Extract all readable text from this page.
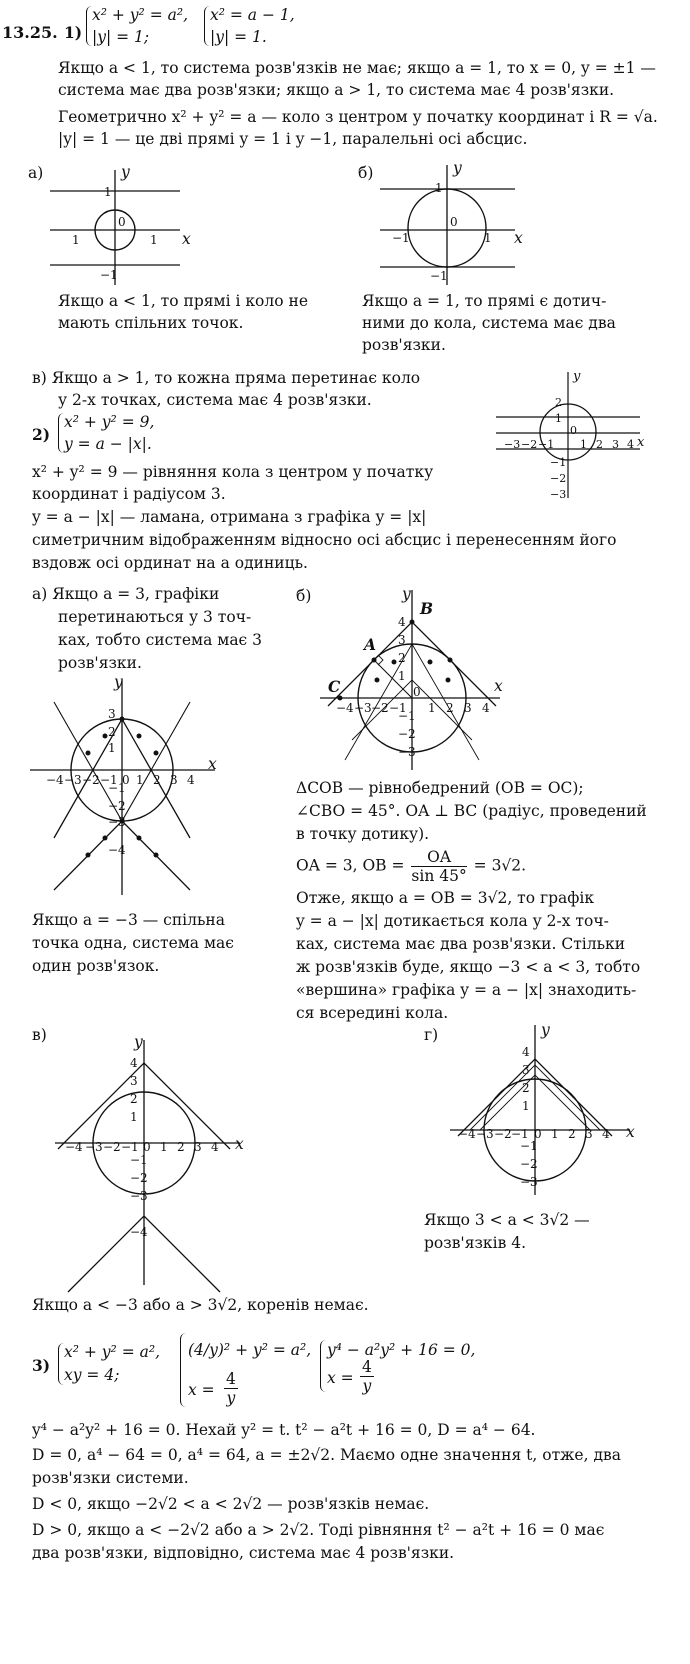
13.25. 1)
x² + y² = a²,
|y| = 1;
x² = a − 1,
|y| = 1.
Якщо a < 1, то система розв'язків не має; якщо a = 1, то x = 0, y = ±1 —
система має два розв'язки; якщо a > 1, то система має 4 розв'язки.
Геометрично x² + y² = a — коло з центром у початку координат і R = √a.
|y| = 1 — це дві прямі y = 1 і y −1, паралельні осі абсцис.
а)	y
x
1
−1
0
1	1
б)	y
x
1
−1
0
−1	1
Якщо a < 1, то прямі і коло не
мають спільних точок.
Якщо a = 1, то прямі є дотич-
ними до кола, система має два
розв'язки.
в) Якщо a > 1, то кожна пряма перетинає коло
у 2-х точках, система має 4 розв'язки.
y
x
2
1
−1
−2
−3
−3 −2 −1
0
1 2 3 4
2)
x² + y² = 9,
y = a − |x|.
x² + y² = 9 — рівняння кола з центром у початку
координат і радіусом 3.
y = a − |x| — ламана, отримана з графіка y = |x|
симетричним відображенням відносно осі абсцис і перенесенням його
вздовж осі ординат на a одиниць.
а) Якщо a = 3, графіки
перетинаються у 3 точ-
ках, тобто система має 3
розв'язки.
б)
y
x
3
2
1
−1
−2
−3
−4
−4 −3 −2 −1 0 1 2 3 4
y
x
B
A
C
4
3
2
1
−1
−2
−3
−4 −3 −2 −1
0
1 2 3 4
ΔCOB — рівнобедрений (OB = OC);
∠CBO = 45°. OA ⊥ BC (радіус, проведений
в точку дотику).
OA = 3, OB = $\frac{OA}{\sin 45^\circ} = 3√2$.
Отже, якщо a = OB = 3√2, то графік
y = a − |x| дотикається кола у 2-х точ-
ках, система має два розв'язки. Стільки
ж розв'язків буде, якщо −3 < a < 3, тобто
«вершина» графіка y = a − |x| знаходить-
ся всередині кола.
Якщо a = −3 — спільна
точка одна, система має
один розв'язок.
в)	y
x
4
3
2
1
−1
−2
−3
−4
−4 −3 −2 −1 0 1 2 3 4
г)	y
x
4
3
2
1
−1
−2
−3
−4 −3 −2 −1 0 1 2 3 4
Якщо 3 < a < 3√2 —
розв'язків 4.
Якщо a < −3 або a > 3√2, коренів немає.
3)
x² + y² = a²,
xy = 4;
(4/y)² + y² = a²,
$x = \frac{4}{y}$
y⁴ − a²y² + 16 = 0,
$x = \frac{4}{y}$
y⁴ − a²y² + 16 = 0. Нехай y² = t. t² − a²t + 16 = 0, D = a⁴ − 64.
D = 0, a⁴ − 64 = 0, a⁴ = 64, a = ±2√2. Маємо одне значення t, отже, два
розв'язки системи.
D < 0, якщо −2√2 < a < 2√2 — розв'язків немає.
D > 0, якщо a < −2√2 або a > 2√2. Тоді рівняння t² − a²t + 16 = 0 має
два розв'язки, відповідно, система має 4 розв'язки.
